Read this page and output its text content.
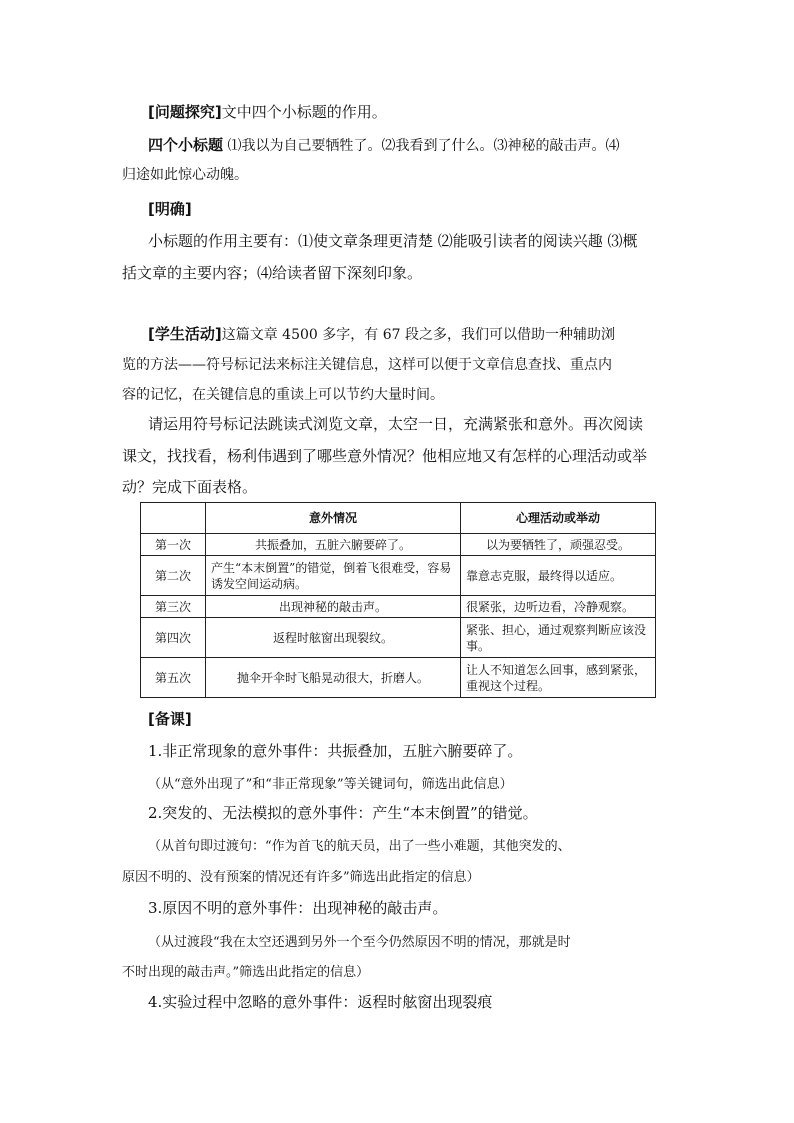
[问题探究]文中四个小标题的作用。
四个小标题 ⑴我以为自己要牺牲了。⑵我看到了什么。⑶神秘的敲击声。⑷
归途如此惊心动魄。
[明确]
小标题的作用主要有：⑴使文章条理更清楚 ⑵能吸引读者的阅读兴趣 ⑶概
括文章的主要内容；⑷给读者留下深刻印象。
[学生活动]这篇文章 4500 多字，有 67 段之多，我们可以借助一种辅助浏
览的方法——符号标记法来标注关键信息，这样可以便于文章信息查找、重点内
容的记忆，在关键信息的重读上可以节约大量时间。
请运用符号标记法跳读式浏览文章，太空一日，充满紧张和意外。再次阅读
课文，找找看，杨利伟遇到了哪些意外情况？他相应地又有怎样的心理活动或举
动？完成下面表格。
	意外情况	心理活动或举动
第一次	共振叠加，五脏六腑要碎了。	以为要牺牲了，顽强忍受。
第二次	产生“本末倒置”的错觉，倒着飞很难受，容易诱发空间运动病。	靠意志克服，最终得以适应。
第三次	出现神秘的敲击声。	很紧张，边听边看，冷静观察。
第四次	返程时舷窗出现裂纹。	紧张、担心，通过观察判断应该没事。
第五次	抛伞开伞时飞船晃动很大，折磨人。	让人不知道怎么回事，感到紧张，重视这个过程。
[备课]
1.非正常现象的意外事件：共振叠加，五脏六腑要碎了。
（从“意外出现了”和“非正常现象”等关键词句，筛选出此信息）
2.突发的、无法模拟的意外事件：产生“本末倒置”的错觉。
（从首句即过渡句：“作为首飞的航天员，出了一些小难题，其他突发的、
原因不明的、没有预案的情况还有许多”筛选出此指定的信息）
3.原因不明的意外事件：出现神秘的敲击声。
（从过渡段“我在太空还遇到另外一个至今仍然原因不明的情况，那就是时
不时出现的敲击声。”筛选出此指定的信息）
4.实验过程中忽略的意外事件：返程时舷窗出现裂痕
